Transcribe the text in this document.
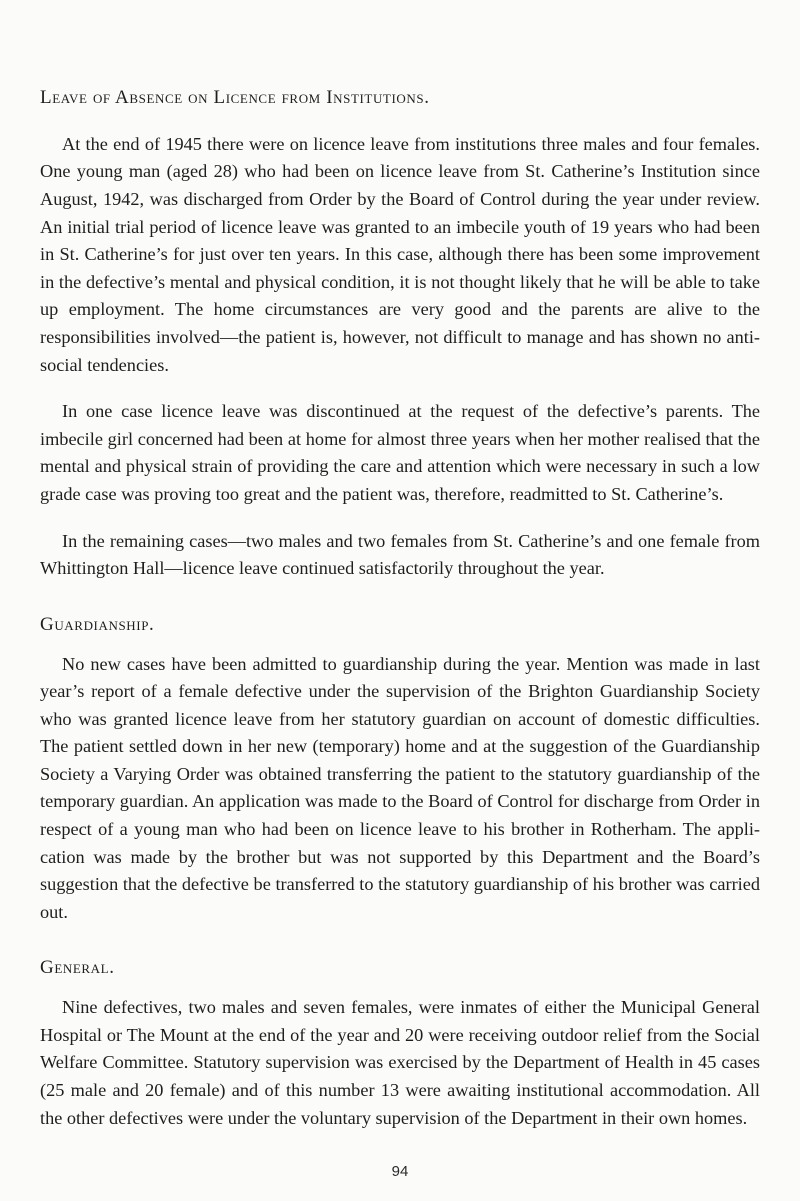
Leave of Absence on Licence from Institutions.

At the end of 1945 there were on licence leave from institutions three males and four females. One young man (aged 28) who had been on licence leave from St. Catherine’s Institution since August, 1942, was discharged from Order by the Board of Control during the year under review. An initial trial period of licence leave was granted to an imbecile youth of 19 years who had been in St. Catherine’s for just over ten years. In this case, although there has been some improvement in the defective’s mental and physical condition, it is not thought likely that he will be able to take up employment. The home circumstances are very good and the parents are alive to the responsibilities involved—the patient is, however, not difficult to manage and has shown no anti-social tendencies.

In one case licence leave was discontinued at the request of the defective’s parents. The imbecile girl concerned had been at home for almost three years when her mother realised that the mental and physical strain of providing the care and attention which were necessary in such a low grade case was proving too great and the patient was, therefore, readmitted to St. Catherine’s.

In the remaining cases—two males and two females from St. Catherine’s and one female from Whittington Hall—licence leave continued satisfactorily throughout the year.

Guardianship.

No new cases have been admitted to guardianship during the year. Mention was made in last year’s report of a female defective under the supervision of the Brighton Guardianship Society who was granted licence leave from her statutory guardian on account of domestic difficulties. The patient settled down in her new (temporary) home and at the suggestion of the Guardianship Society a Varying Order was obtained transferring the patient to the statutory guardianship of the temporary guardian. An application was made to the Board of Control for discharge from Order in respect of a young man who had been on licence leave to his brother in Rotherham. The application was made by the brother but was not supported by this Department and the Board’s suggestion that the defective be transferred to the statutory guardianship of his brother was carried out.

General.

Nine defectives, two males and seven females, were inmates of either the Municipal General Hospital or The Mount at the end of the year and 20 were receiving outdoor relief from the Social Welfare Committee. Statutory supervision was exercised by the Department of Health in 45 cases (25 male and 20 female) and of this number 13 were awaiting institutional accommodation. All the other defectives were under the voluntary supervision of the Department in their own homes.

94
